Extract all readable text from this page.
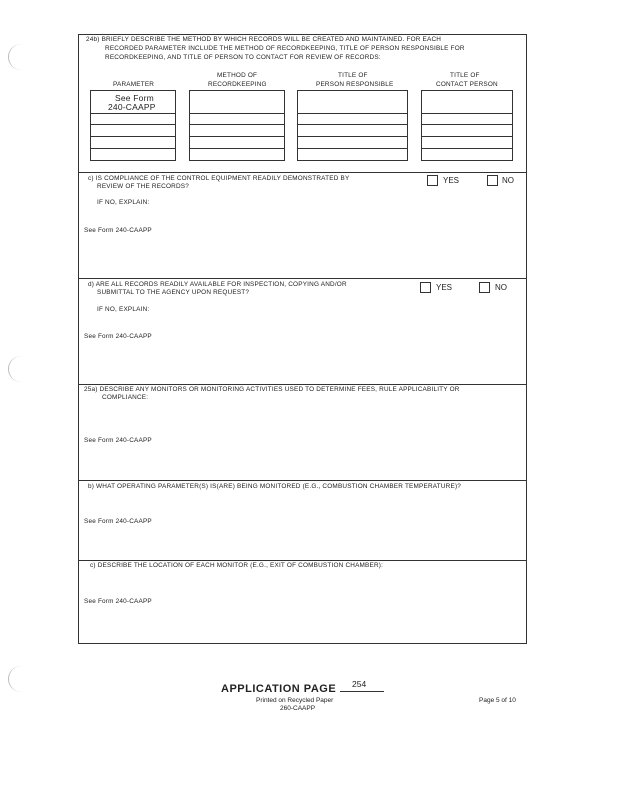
24b) BRIEFLY DESCRIBE THE METHOD BY WHICH RECORDS WILL BE CREATED AND MAINTAINED. FOR EACH
RECORDED PARAMETER INCLUDE THE METHOD OF RECORDKEEPING, TITLE OF PERSON RESPONSIBLE FOR
RECORDKEEPING, AND TITLE OF PERSON TO CONTACT FOR REVIEW OF RECORDS:
PARAMETER
METHOD OF
RECORDKEEPING
TITLE OF
PERSON RESPONSIBLE
TITLE OF
CONTACT PERSON
See Form
240-CAAPP
c) IS COMPLIANCE OF THE CONTROL EQUIPMENT READILY DEMONSTRATED BY
REVIEW OF THE RECORDS?
YES	NO
IF NO, EXPLAIN:
See Form 240-CAAPP
d) ARE ALL RECORDS READILY AVAILABLE FOR INSPECTION, COPYING AND/OR
SUBMITTAL TO THE AGENCY UPON REQUEST?
YES	NO
IF NO, EXPLAIN:
See Form 240-CAAPP
25a) DESCRIBE ANY MONITORS OR MONITORING ACTIVITIES USED TO DETERMINE FEES, RULE APPLICABILITY OR
COMPLIANCE:
See Form 240-CAAPP
b) WHAT OPERATING PARAMETER(S) IS(ARE) BEING MONITORED (E.G., COMBUSTION CHAMBER TEMPERATURE)?
See Form 240-CAAPP
c) DESCRIBE THE LOCATION OF EACH MONITOR (E.G., EXIT OF COMBUSTION CHAMBER):
See Form 240-CAAPP
APPLICATION PAGE 254
Printed on Recycled Paper
260-CAAPP
Page 5 of 10
